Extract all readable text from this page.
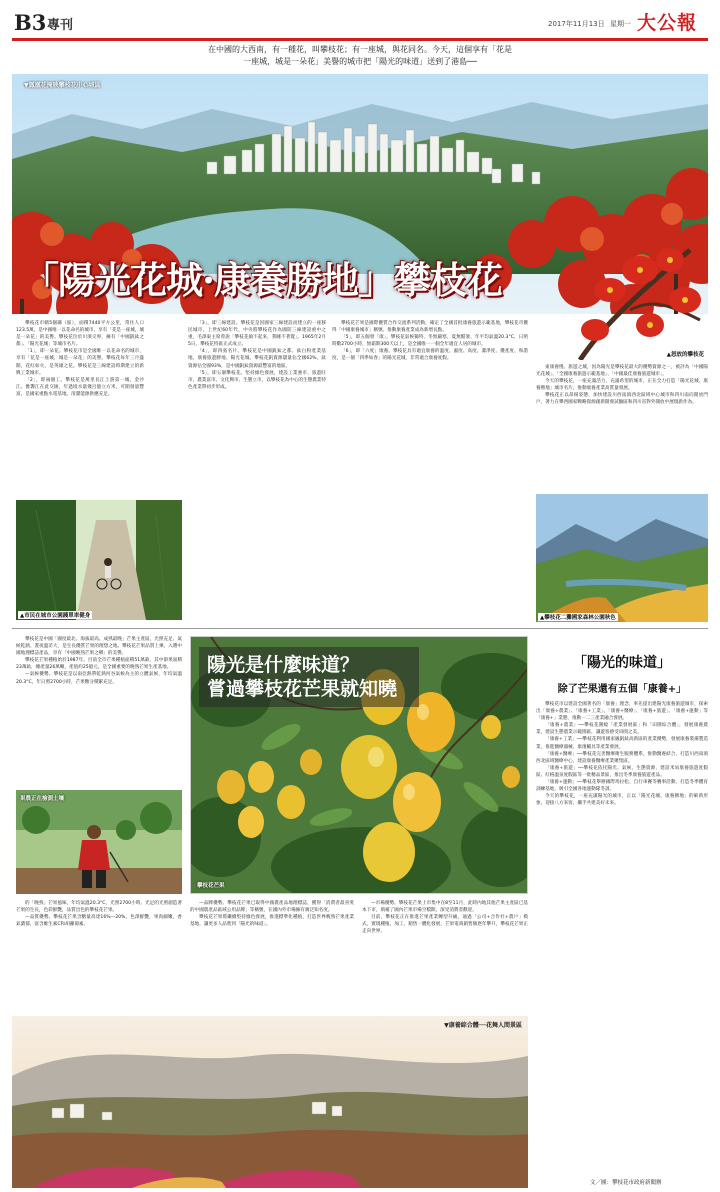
B3 專刊	2017年11月13日 星期一 大公報
在中國的大西南，有一種花，叫攀枝花；有一座城，與花同名。今天，這個享有「花是
一座城，城是一朵花」美譽的城市把「陽光的味道」送到了港島──
▼鳳凰花掩映攀枝花中心城區
「陽光花城·康養勝地」攀枝花
▲怒放的攀枝花

攀枝花市轄5個縣（區），面積7440平方公里，常住人口123.5萬，是中國唯一以花命名的城市，享有「花是一座城，城是一朵花」的美譽。攀枝花位於川滇交界，擁有「中國釩鈦之都」、「陽光花城」等城市名片。

「1」，即一朵花。攀枝花市是全國唯一以花命名的城市，享有「花是一座城，城是一朵花」的美譽。攀枝花每年三月盛開，花紅如火，是英雄之花。攀枝花是三線建設時期建立的新興工業城市。

「2」，即兩個工。攀枝花是萬里長江上游第一城，金沙江、雅礱江在此交匯，年過境水量幾百億立方米，可開發量豐富，是國家重點水電基地，清潔能源供應充足。

▲市民在城市公園踐單車健身

「3」，即三線建設。攀枝花是因國家三線建設而建立的一座移民城市，上世紀60年代，中央將攀枝花作為國防三線建設重中之重，毛澤東主席曾說「攀枝花搞不起來，我睡不著覺」。1965年2月5日，攀枝花特區正式成立。

「4」，即四張名片。攀枝花是中國釩鈦之都、鈦白粉產業基地、康養旅遊勝地、陽光花城。攀枝花釩資源儲量佔全國62%，鈦資源佔全國93%，是中國釩鈦資源最豐富的地區。

「5」，即五個攀枝花。堅持綠色發展，建設工業強市、旅遊旺市、農業富市、文化興市、生態立市，以攀枝花為中心的生態農業特色產業帶初步形成。

攀枝花芒果是國際優質合作交流系列活動，確定了全國首批康養旅遊示範基地，攀枝花市獲得「中國康養城市」稱號。推動康養產業成為新增長點。

「5」，即五個發「康」。攀枝花氣候獨特，冬無嚴寒，夏無酷暑，年平均氣溫20.3°C，日照時數2700小時，無霜期300天以上，是全國唯一一個全年適宜人居的城市。

「6」，即「六度」康養。攀枝花具有適宜康養的溫度、濕度、高度、潔淨度、優產度、和諧度，是一個「四季如春」的陽光花城，非常適合康養度假。

東康養慢、旅遊之城，因為陽光是攀枝花最大的優勢資源之一，被評為「中國陽光花城」、「全國康養旅遊示範基地」、「中國最佳康養旅遊城市」。

今天的攀枝花，一座充滿活力，充滿希望的城市，正在全力打造「陽光花城、康養勝地」城市名片，推動康養產業高質量發展。

攀枝花正以昂揚姿態，加快建設川西南滇西北區域中心城市和四川南向開放門戶，著力在攀西國家戰略資源創新開發試驗區和四川省對外開放中展現新作為。

▲攀枝花二灘國家森林公園秋色

攀枝花是中國「國度最北、海拔最高、成熟最晚」芒果主產區，光照充足、氣候乾熱、晝夜溫差大，是生長優質芒果的理想之地。攀枝花芒果品質上乘，入選中國地理標誌產品，享有「中國晚熟芒果之鄉」的美譽。

攀枝花芒果種植始於1987年。目前全市芒果種植面積51萬畝，其中掛果面積23萬畝，總產量26萬噸，產值約25億元，是全國重要的晚熟芒果生產基地。

—氣候優勢。攀枝花是以南亞熱帶乾熱河谷氣候為主的立體氣候，年均氣溫20.3°C，年日照2700小時，芒果糖分積累充足。

果農正在檢測土壤
陽光是什麼味道？
嘗過攀枝花芒果就知曉
攀枝花芒果
「陽光的味道」
除了芒果還有五個「康養+」

攀枝花市以建設全國著名的「康養」理念，率先提出建陽光康養旅遊城市，探索出「康養+農業」、「康養+工業」、「康養+醫療」、「康養+旅遊」、「康養+運動」等「康養+」業態，推動一二三產業融合發展。

「康養+農業」──攀枝花圍繞「產業發展區」和「田園綜合體」，發展康養農業，建設生態農業示範園區，讓遊客感受田園之美。

「康養+工業」──攀枝花利用國家級釩鈦高新區的產業優勢，發展康養裝備製造業，推進醫療器械、康復輔具等產業發展。

「康養+醫療」──攀枝花完善醫療衛生服務體系，推動醫養結合，打造川西南滇西北區域醫療中心，建設康養醫療產業聚集區。

「康養+旅遊」──攀枝花依托陽光、氣候、生態資源，建設米易康養旅遊度假區、紅格溫泉度假區等一批精品景區，推出冬季康養旅遊產品。

「康養+運動」──攀枝花舉辦國際馬拉松、自行車賽等賽事活動，打造冬季體育訓練基地，吸引全國各地運動隊冬訓。

今天的攀枝花，一座充滿陽光的城市，正以「陽光花城、康養勝地」的嶄新形象，迎接八方來客，攜手共建美好未來。

的「晚熟」芒果風味，年均氣溫20.3°C，光照2700小時。光足的光照創造著芒果的生長，色彩鮮艷，品質出色的攀枝花芒果。

—品質優勢。攀枝花芒果含糖量高達16%—20%，色澤鮮艷，果肉細嫩，香氣濃郁，富含維生素C和胡蘿蔔素。

—品牌優勢。攀枝花芒果已取得中國農產品地理標誌，獲得「消費者最喜愛的中國農產品區域公用品牌」等稱號，在國內外市場擁有廣泛知名度。

攀枝花芒果將繼續堅持綠色發展，推進標準化種植，打造世界晚熟芒果產業基地，讓更多人品嘗到「陽光的味道」。

—市場優勢。攀枝花芒果上市集中在8至11月，此時內地其他芒果主產區已基本下市，填補了國內芒果市場空檔期，深受消費者歡迎。

目前，攀枝花正在推進芒果產業轉型升級，通過「公司+合作社+農戶」模式，實現種植、加工、銷售一體化發展，芒果電商銷售額逐年攀升，攀枝花芒果正走向世界。

▼康養綜合體──花舞人間景區
文／圖：攀枝花市政府新聞辦
